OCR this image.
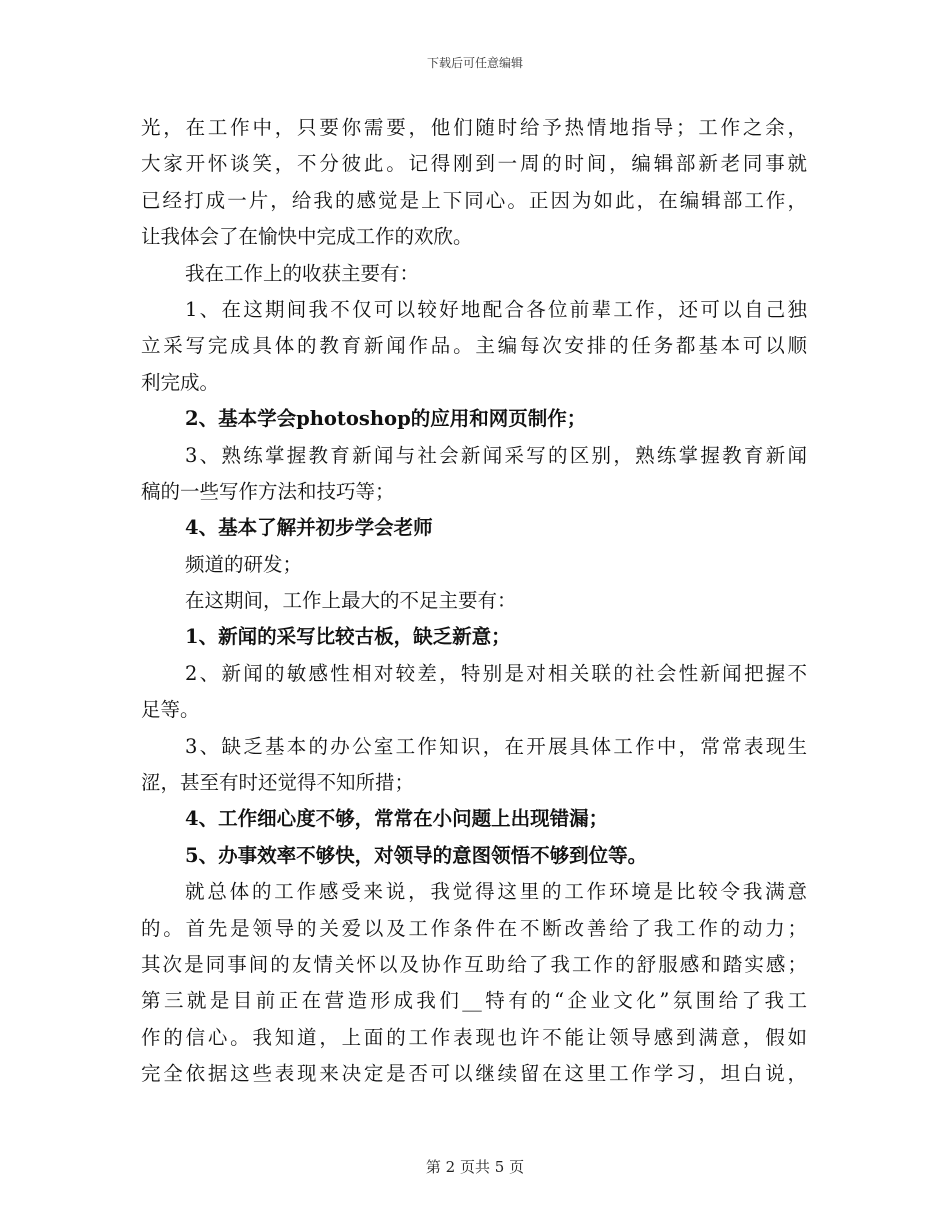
下载后可任意编辑
光，在工作中，只要你需要，他们随时给予热情地指导；工作之余，
大家开怀谈笑，不分彼此。记得刚到一周的时间，编辑部新老同事就
已经打成一片，给我的感觉是上下同心。正因为如此，在编辑部工作，
让我体会了在愉快中完成工作的欢欣。
我在工作上的收获主要有：
1、在这期间我不仅可以较好地配合各位前辈工作，还可以自己独
立采写完成具体的教育新闻作品。主编每次安排的任务都基本可以顺
利完成。
2、基本学会photoshop的应用和网页制作；
3、熟练掌握教育新闻与社会新闻采写的区别，熟练掌握教育新闻
稿的一些写作方法和技巧等；
4、基本了解并初步学会老师
频道的研发；
在这期间，工作上最大的不足主要有：
1、新闻的采写比较古板，缺乏新意；
2、新闻的敏感性相对较差，特别是对相关联的社会性新闻把握不
足等。
3、缺乏基本的办公室工作知识，在开展具体工作中，常常表现生
涩，甚至有时还觉得不知所措；
4、工作细心度不够，常常在小问题上出现错漏；
5、办事效率不够快，对领导的意图领悟不够到位等。
就总体的工作感受来说，我觉得这里的工作环境是比较令我满意
的。首先是领导的关爱以及工作条件在不断改善给了我工作的动力；
其次是同事间的友情关怀以及协作互助给了我工作的舒服感和踏实感；
第三就是目前正在营造形成我们__特有的“企业文化”氛围给了我工
作的信心。我知道，上面的工作表现也许不能让领导感到满意，假如
完全依据这些表现来决定是否可以继续留在这里工作学习，坦白说，
第 2 页共 5 页
